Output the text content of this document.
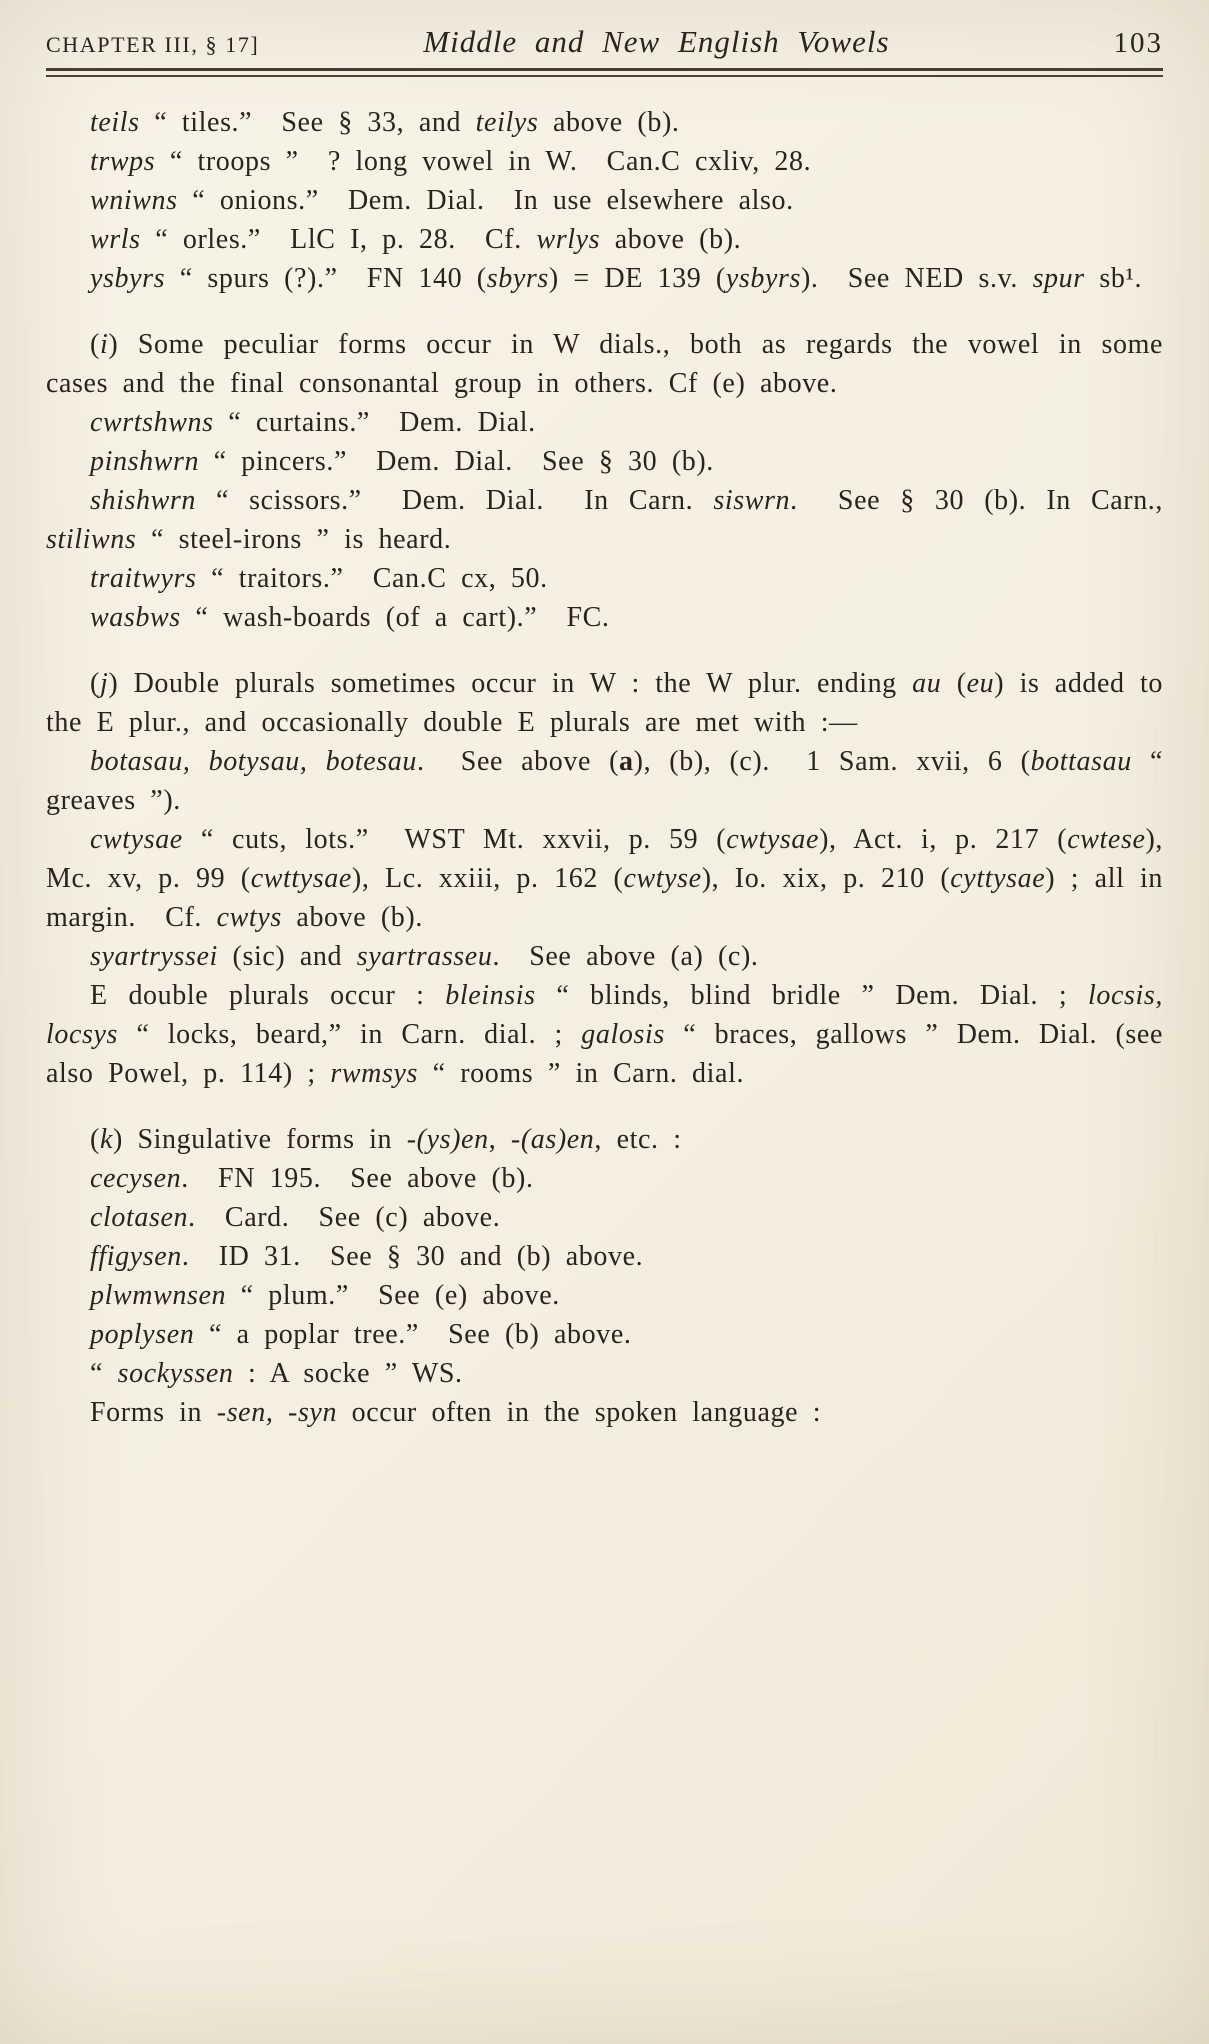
CHAPTER III, § 17]	Middle and New English Vowels	103

teils “ tiles.”  See § 33, and teilys above (b).

trwps “ troops ”  ? long vowel in W.  Can.C cxliv, 28.

wniwns “ onions.”  Dem. Dial.  In use elsewhere also.

wrls “ orles.”  LlC I, p. 28.  Cf. wrlys above (b).

ysbyrs “ spurs (?).”  FN 140 (sbyrs) = DE 139 (ysbyrs).  See NED s.v. spur sb¹.

(i) Some peculiar forms occur in W dials., both as regards the vowel in some cases and the final consonantal group in others. Cf (e) above.

cwrtshwns “ curtains.”  Dem. Dial.

pinshwrn “ pincers.”  Dem. Dial.  See § 30 (b).

shishwrn “ scissors.”  Dem. Dial.  In Carn. siswrn.  See § 30 (b). In Carn., stiliwns “ steel-irons ” is heard.

traitwyrs “ traitors.”  Can.C cx, 50.

wasbws “ wash-boards (of a cart).”  FC.

(j) Double plurals sometimes occur in W : the W plur. ending au (eu) is added to the E plur., and occasionally double E plurals are met with :—

botasau, botysau, botesau.  See above (a), (b), (c).  1 Sam. xvii, 6 (bottasau “ greaves ”).

cwtysae “ cuts, lots.”  WST Mt. xxvii, p. 59 (cwtysae), Act. i, p. 217 (cwtese), Mc. xv, p. 99 (cwttysae), Lc. xxiii, p. 162 (cwtyse), Io. xix, p. 210 (cyttysae) ; all in margin.  Cf. cwtys above (b).

syartryssei (sic) and syartrasseu.  See above (a) (c).

E double plurals occur : bleinsis “ blinds, blind bridle ” Dem. Dial. ; locsis, locsys “ locks, beard,” in Carn. dial. ; galosis “ braces, gallows ” Dem. Dial. (see also Powel, p. 114) ; rwmsys “ rooms ” in Carn. dial.

(k) Singulative forms in -(ys)en, -(as)en, etc. :

cecysen.  FN 195.  See above (b).

clotasen.  Card.  See (c) above.

ffigysen.  ID 31.  See § 30 and (b) above.

plwmwnsen “ plum.”  See (e) above.

poplysen “ a poplar tree.”  See (b) above.

“ sockyssen : A socke ” WS.

Forms in -sen, -syn occur often in the spoken language :
